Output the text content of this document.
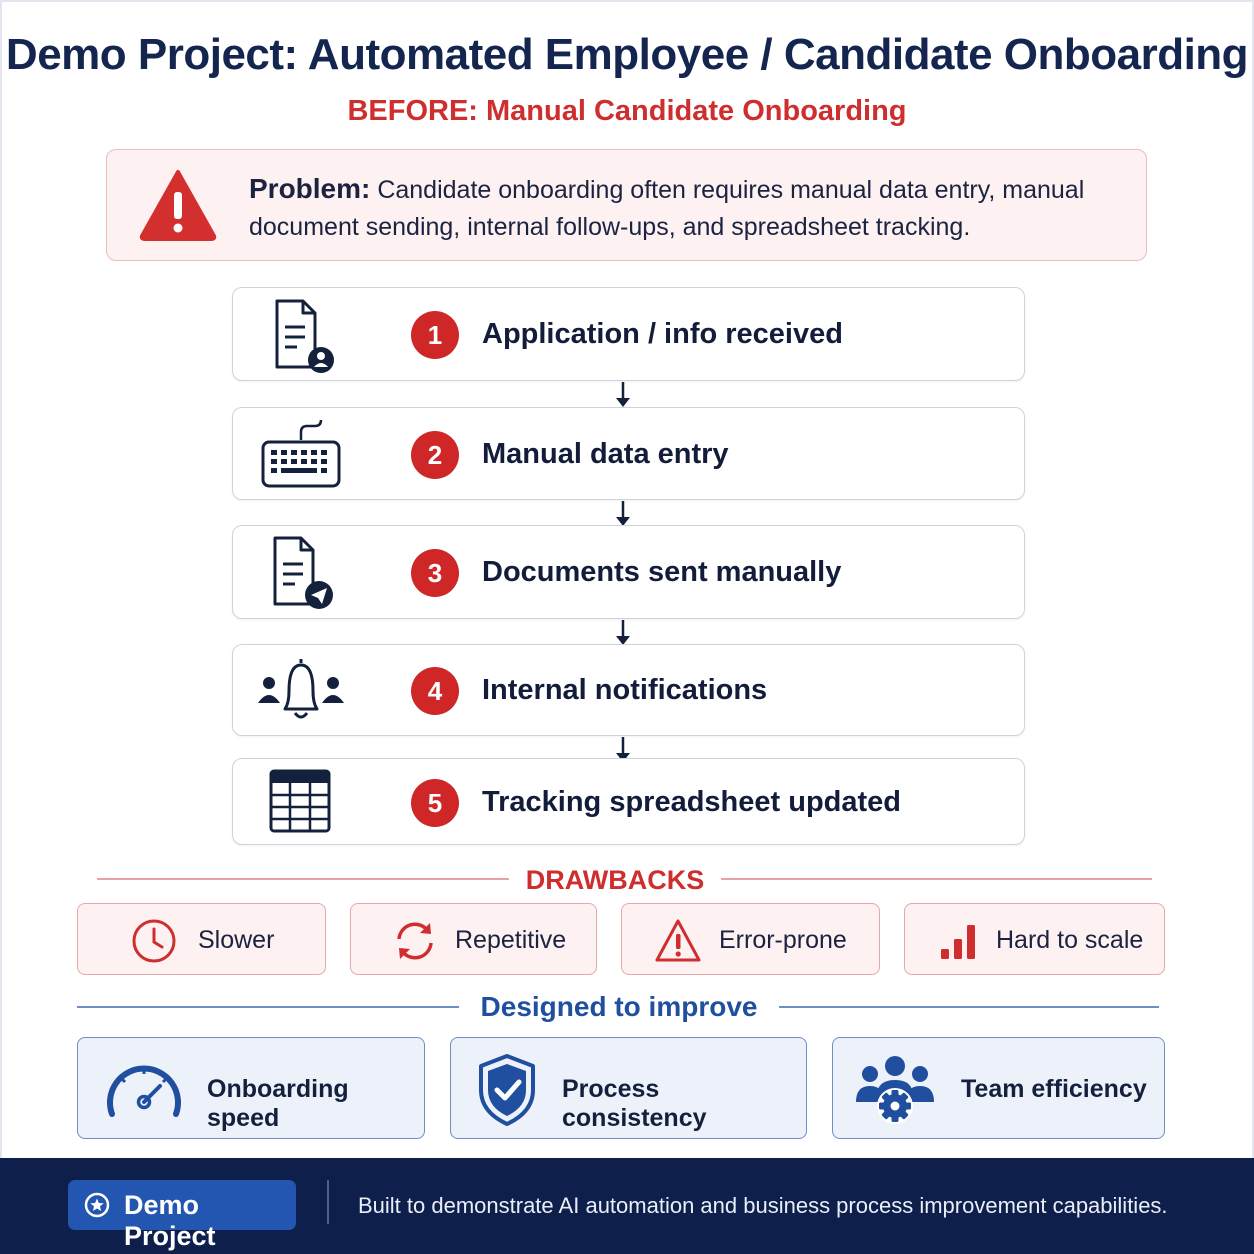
Demo Project: Automated Employee / Candidate Onboarding
BEFORE: Manual Candidate Onboarding
Problem: Candidate onboarding often requires manual data entry, manual document sending, internal follow-ups, and spreadsheet tracking.
1	Application / info received
2	Manual data entry
3	Documents sent manually
4	Internal notifications
5	Tracking spreadsheet updated
DRAWBACKS
Slower	Repetitive	Error-prone	Hard to scale
Designed to improve
Onboarding speed
Process consistency
Team efficiency
Demo Project
Built to demonstrate AI automation and business process improvement capabilities.
